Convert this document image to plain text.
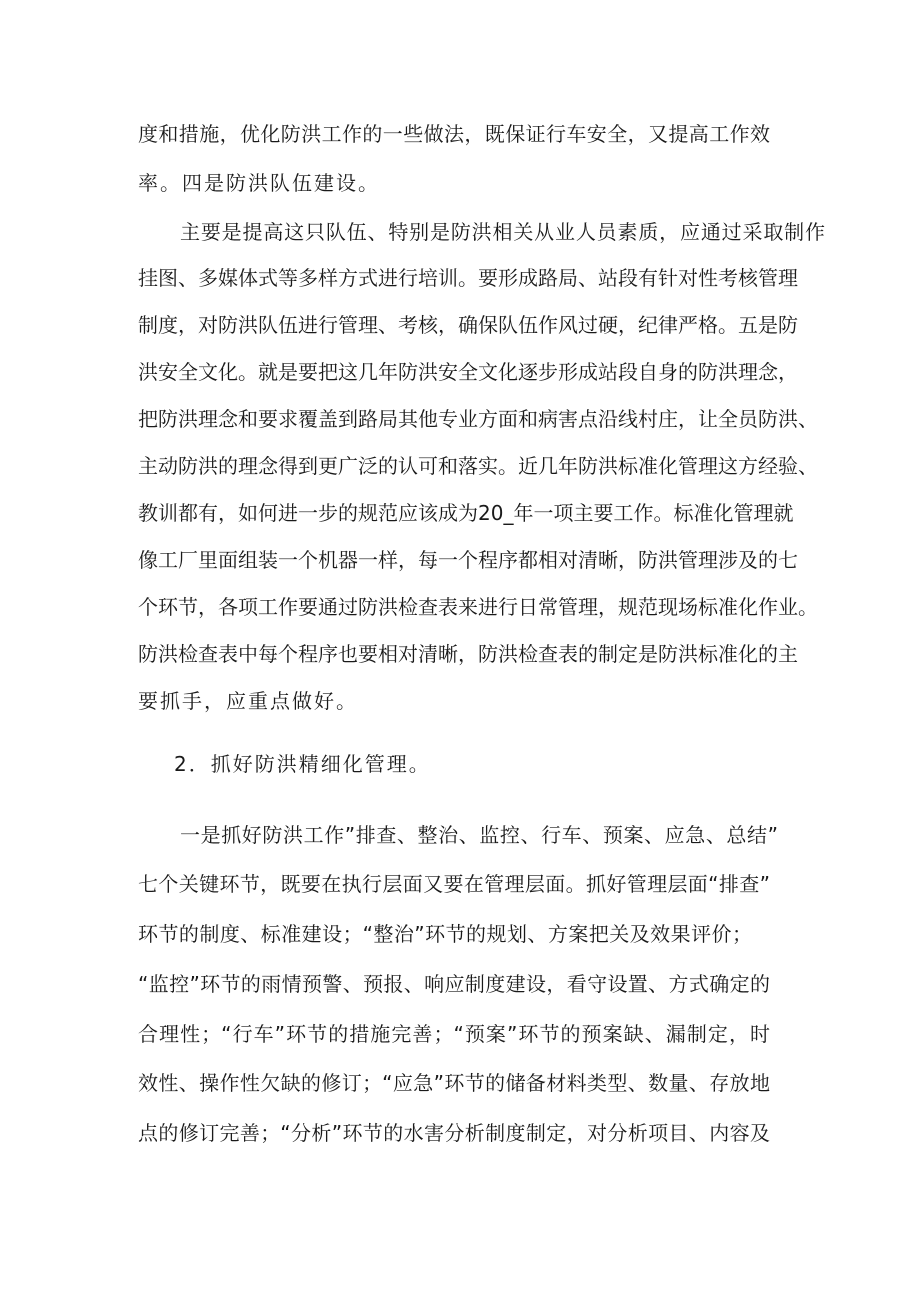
度和措施，优化防洪工作的一些做法，既保证行车安全，又提高工作效
率。四是防洪队伍建设。
主要是提高这只队伍、特别是防洪相关从业人员素质，应通过采取制作
挂图、多媒体式等多样方式进行培训。要形成路局、站段有针对性考核管理
制度，对防洪队伍进行管理、考核，确保队伍作风过硬，纪律严格。五是防
洪安全文化。就是要把这几年防洪安全文化逐步形成站段自身的防洪理念，
把防洪理念和要求覆盖到路局其他专业方面和病害点沿线村庄，让全员防洪、
主动防洪的理念得到更广泛的认可和落实。近几年防洪标准化管理这方经验、
教训都有，如何进一步的规范应该成为20_年一项主要工作。标准化管理就
像工厂里面组装一个机器一样，每一个程序都相对清晰，防洪管理涉及的七
个环节，各项工作要通过防洪检查表来进行日常管理，规范现场标准化作业。
防洪检查表中每个程序也要相对清晰，防洪检查表的制定是防洪标准化的主
要抓手，应重点做好。
2．抓好防洪精细化管理。
一是抓好防洪工作”排查、整治、监控、行车、预案、应急、总结”
七个关键环节，既要在执行层面又要在管理层面。抓好管理层面“排查”
环节的制度、标准建设；“整治”环节的规划、方案把关及效果评价；
“监控”环节的雨情预警、预报、响应制度建设，看守设置、方式确定的
合理性；“行车”环节的措施完善；“预案”环节的预案缺、漏制定，时
效性、操作性欠缺的修订；“应急”环节的储备材料类型、数量、存放地
点的修订完善；“分析”环节的水害分析制度制定，对分析项目、内容及
